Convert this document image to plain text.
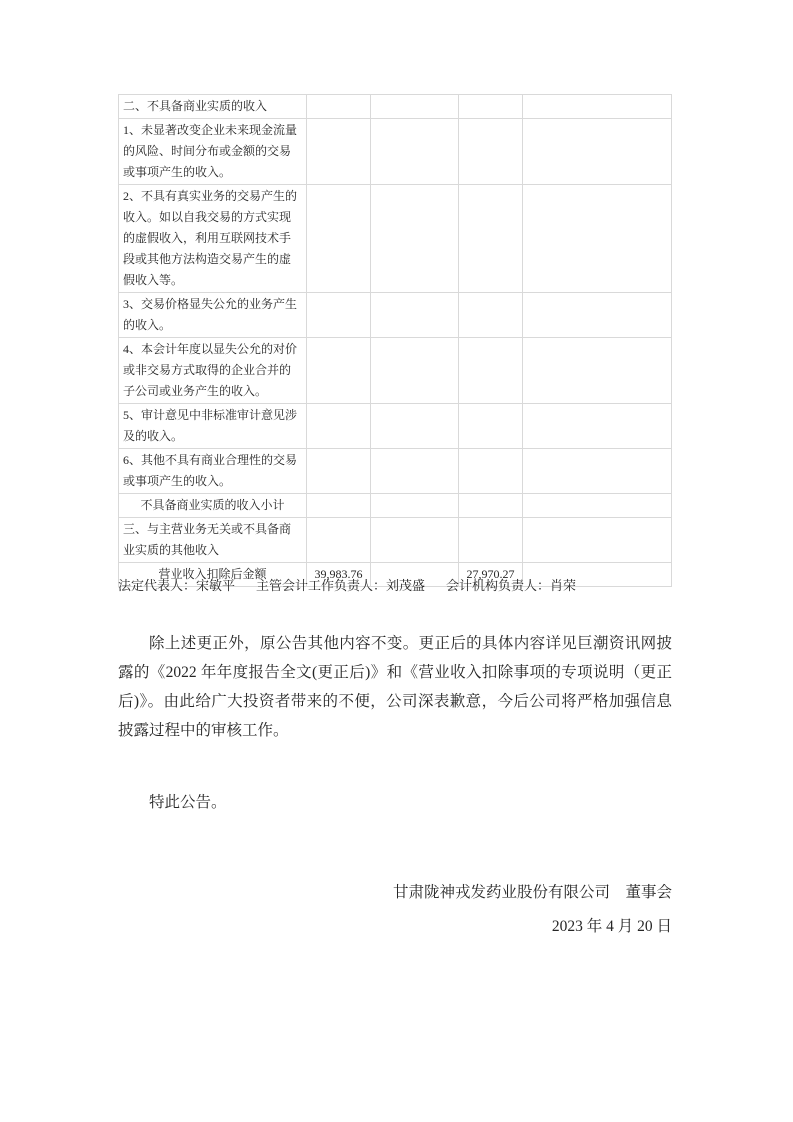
二、不具备商业实质的收入				
1、未显著改变企业未来现金流量的风险、时间分布或金额的交易或事项产生的收入。				
2、不具有真实业务的交易产生的收入。如以自我交易的方式实现的虚假收入，利用互联网技术手段或其他方法构造交易产生的虚假收入等。				
3、交易价格显失公允的业务产生的收入。				
4、本会计年度以显失公允的对价或非交易方式取得的企业合并的子公司或业务产生的收入。				
5、审计意见中非标准审计意见涉及的收入。				
6、其他不具有商业合理性的交易或事项产生的收入。				
不具备商业实质的收入小计				
三、与主营业务无关或不具备商业实质的其他收入				
营业收入扣除后金额	39,983.76		27,970.27	
法定代表人：宋敏平 主管会计工作负责人：刘茂盛 会计机构负责人：肖荣

除上述更正外，原公告其他内容不变。更正后的具体内容详见巨潮资讯网披露的《2022 年年度报告全文(更正后)》和《营业收入扣除事项的专项说明（更正后)》。由此给广大投资者带来的不便，公司深表歉意，今后公司将严格加强信息披露过程中的审核工作。

特此公告。

甘肃陇神戎发药业股份有限公司　董事会
2023 年 4 月 20 日
